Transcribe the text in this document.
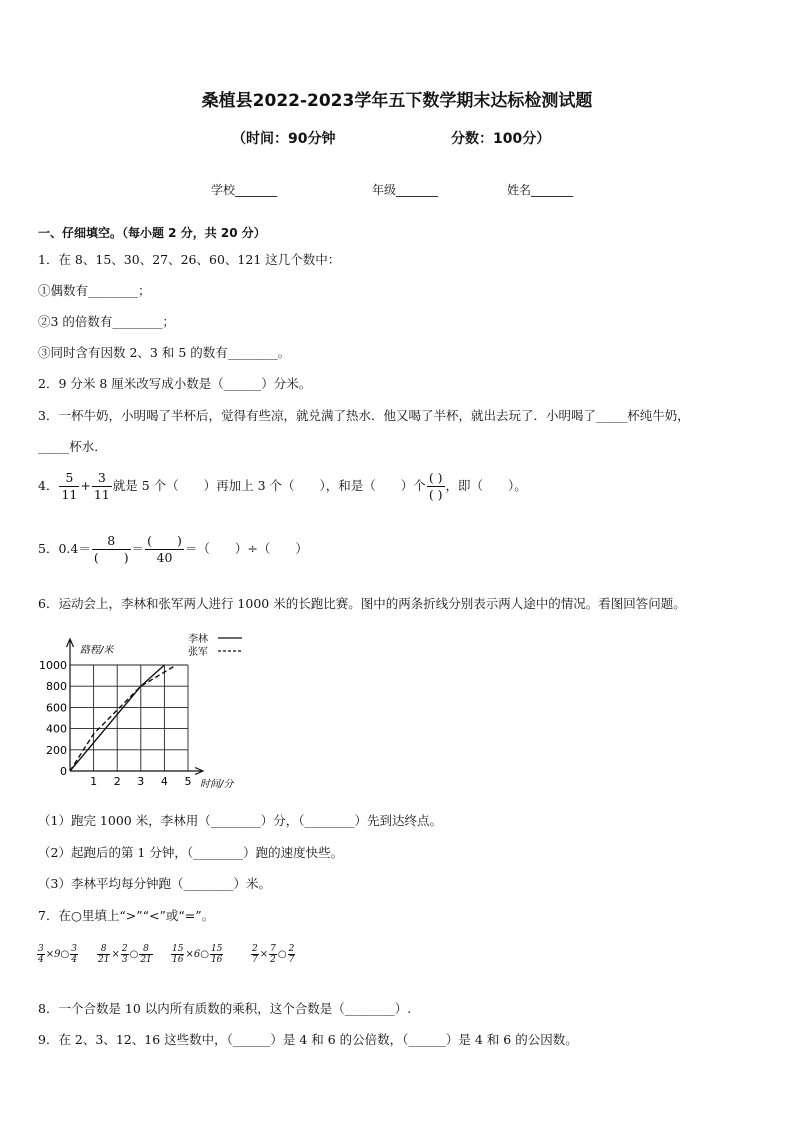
桑植县2022-2023学年五下数学期末达标检测试题
（时间：90分钟	分数：100分）
学校_______	年级_______	姓名_______
一、仔细填空。（每小题 2 分，共 20 分）
1．在 8、15、30、27、26、60、121 这几个数中：
①偶数有________；
②3 的倍数有________；
③同时含有因数 2、3 和 5 的数有________。
2．9 分米 8 厘米改写成小数是（______）分米。
3．一杯牛奶，小明喝了半杯后，觉得有些凉，就兑满了热水．他又喝了半杯，就出去玩了．小明喝了_____杯纯牛奶，
_____杯水．
4． $\frac{5}{11} + \frac{3}{11}$ 就是 5 个（　　）再加上 3 个（　　），和是（　　）个 $\frac{( )}{( )}$ ，即（　　）。
5．$0.4= \frac{8}{( )} = \frac{( )}{40}$ ＝（　　）÷（　　）
6．运动会上，李林和张军两人进行 1000 米的长跑比赛。图中的两条折线分别表示两人途中的情况。看图回答问题。
1 2 3 4 5
0
200
400
600
800
1000
路程/米
时间/分
李林
张军
（1）跑完 1000 米，李林用（________）分，（________）先到达终点。
（2）起跑后的第 1 分钟，（________）跑的速度快些。
（3）李林平均每分钟跑（________）米。
7．在○里填上“>”“<”或“=”。
$\frac{3}{4}$ ×9○ $\frac{3}{4} \frac{8}{21} \times \frac{2}{3}$ ○ $\frac{8}{21} \frac{15}{16}$ ×6○ $\frac{15}{16}$	$\frac{2}{7} \times \frac{7}{2}$ ○ $\frac{2}{7}$
8．一个合数是 10 以内所有质数的乘积，这个合数是（________）.
9．在 2、3、12、16 这些数中，（______）是 4 和 6 的公倍数，（______）是 4 和 6 的公因数。
